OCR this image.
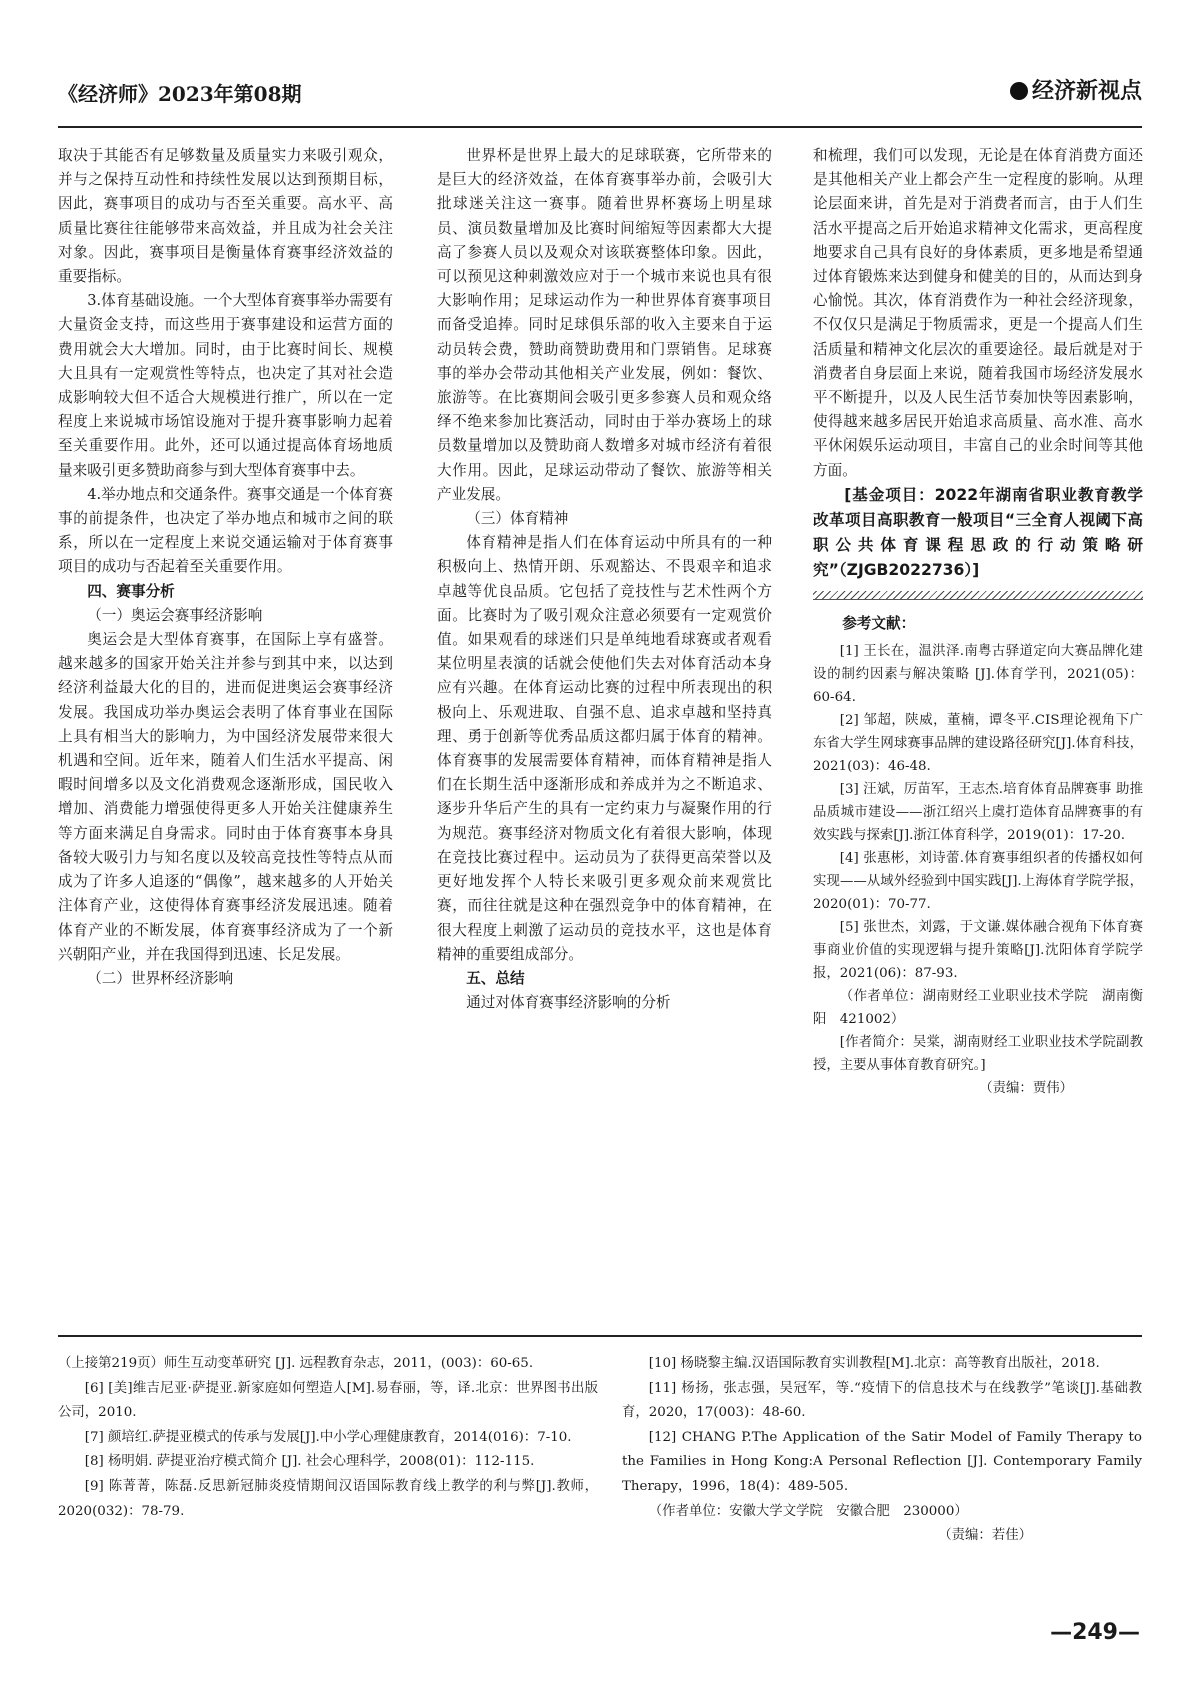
《经济师》2023年第08期	经济新视点

取决于其能否有足够数量及质量实力来吸引观众，并与之保持互动性和持续性发展以达到预期目标，因此，赛事项目的成功与否至关重要。高水平、高质量比赛往往能够带来高效益，并且成为社会关注对象。因此，赛事项目是衡量体育赛事经济效益的重要指标。

3.体育基础设施。一个大型体育赛事举办需要有大量资金支持，而这些用于赛事建设和运营方面的费用就会大大增加。同时，由于比赛时间长、规模大且具有一定观赏性等特点，也决定了其对社会造成影响较大但不适合大规模进行推广，所以在一定程度上来说城市场馆设施对于提升赛事影响力起着至关重要作用。此外，还可以通过提高体育场地质量来吸引更多赞助商参与到大型体育赛事中去。

4.举办地点和交通条件。赛事交通是一个体育赛事的前提条件，也决定了举办地点和城市之间的联系，所以在一定程度上来说交通运输对于体育赛事项目的成功与否起着至关重要作用。

四、赛事分析
（一）奥运会赛事经济影响

奥运会是大型体育赛事，在国际上享有盛誉。越来越多的国家开始关注并参与到其中来，以达到经济利益最大化的目的，进而促进奥运会赛事经济发展。我国成功举办奥运会表明了体育事业在国际上具有相当大的影响力，为中国经济发展带来很大机遇和空间。近年来，随着人们生活水平提高、闲暇时间增多以及文化消费观念逐渐形成，国民收入增加、消费能力增强使得更多人开始关注健康养生等方面来满足自身需求。同时由于体育赛事本身具备较大吸引力与知名度以及较高竞技性等特点从而成为了许多人追逐的“偶像”，越来越多的人开始关注体育产业，这使得体育赛事经济发展迅速。随着体育产业的不断发展，体育赛事经济成为了一个新兴朝阳产业，并在我国得到迅速、长足发展。

（二）世界杯经济影响

世界杯是世界上最大的足球联赛，它所带来的是巨大的经济效益，在体育赛事举办前，会吸引大批球迷关注这一赛事。随着世界杯赛场上明星球员、演员数量增加及比赛时间缩短等因素都大大提高了参赛人员以及观众对该联赛整体印象。因此，可以预见这种刺激效应对于一个城市来说也具有很大影响作用；足球运动作为一种世界体育赛事项目而备受追捧。同时足球俱乐部的收入主要来自于运动员转会费，赞助商赞助费用和门票销售。足球赛事的举办会带动其他相关产业发展，例如：餐饮、旅游等。在比赛期间会吸引更多参赛人员和观众络绎不绝来参加比赛活动，同时由于举办赛场上的球员数量增加以及赞助商人数增多对城市经济有着很大作用。因此，足球运动带动了餐饮、旅游等相关产业发展。

（三）体育精神

体育精神是指人们在体育运动中所具有的一种积极向上、热情开朗、乐观豁达、不畏艰辛和追求卓越等优良品质。它包括了竞技性与艺术性两个方面。比赛时为了吸引观众注意必须要有一定观赏价值。如果观看的球迷们只是单纯地看球赛或者观看某位明星表演的话就会使他们失去对体育活动本身应有兴趣。在体育运动比赛的过程中所表现出的积极向上、乐观进取、自强不息、追求卓越和坚持真理、勇于创新等优秀品质这都归属于体育的精神。体育赛事的发展需要体育精神，而体育精神是指人们在长期生活中逐渐形成和养成并为之不断追求、逐步升华后产生的具有一定约束力与凝聚作用的行为规范。赛事经济对物质文化有着很大影响，体现在竞技比赛过程中。运动员为了获得更高荣誉以及更好地发挥个人特长来吸引更多观众前来观赏比赛，而往往就是这种在强烈竞争中的体育精神，在很大程度上刺激了运动员的竞技水平，这也是体育精神的重要组成部分。

五、总结

通过对体育赛事经济影响的分析

和梳理，我们可以发现，无论是在体育消费方面还是其他相关产业上都会产生一定程度的影响。从理论层面来讲，首先是对于消费者而言，由于人们生活水平提高之后开始追求精神文化需求，更高程度地要求自己具有良好的身体素质，更多地是希望通过体育锻炼来达到健身和健美的目的，从而达到身心愉悦。其次，体育消费作为一种社会经济现象，不仅仅只是满足于物质需求，更是一个提高人们生活质量和精神文化层次的重要途径。最后就是对于消费者自身层面上来说，随着我国市场经济发展水平不断提升，以及人民生活节奏加快等因素影响，使得越来越多居民开始追求高质量、高水准、高水平休闲娱乐运动项目，丰富自己的业余时间等其他方面。

[基金项目：2022年湖南省职业教育教学改革项目高职教育一般项目“三全育人视阈下高职公共体育课程思政的行动策略研究”（ZJGB2022736）]

参考文献：

[1] 王长在，温洪泽.南粤古驿道定向大赛品牌化建设的制约因素与解决策略 [J].体育学刊，2021(05)：60-64.

[2] 邹超，陕威，董楠，谭冬平.CIS理论视角下广东省大学生网球赛事品牌的建设路径研究[J].体育科技，2021(03)：46-48.

[3] 汪斌，厉苗军，王志杰.培育体育品牌赛事 助推品质城市建设——浙江绍兴上虞打造体育品牌赛事的有效实践与探索[J].浙江体育科学，2019(01)：17-20.

[4] 张惠彬，刘诗蕾.体育赛事组织者的传播权如何实现——从域外经验到中国实践[J].上海体育学院学报，2020(01)：70-77.

[5] 张世杰，刘露，于文谦.媒体融合视角下体育赛事商业价值的实现逻辑与提升策略[J].沈阳体育学院学报，2021(06)：87-93.

（作者单位：湖南财经工业职业技术学院　湖南衡阳　421002）

[作者简介：吴棠，湖南财经工业职业技术学院副教授，主要从事体育教育研究。]

（责编：贾伟）

（上接第219页）师生互动变革研究 [J]. 远程教育杂志，2011，(003)：60-65.

[6] [美]维吉尼亚·萨提亚.新家庭如何塑造人[M].易春丽，等，译.北京：世界图书出版公司，2010.

[7] 颜培红.萨提亚模式的传承与发展[J].中小学心理健康教育，2014(016)：7-10.

[8] 杨明娟. 萨提亚治疗模式简介 [J]. 社会心理科学，2008(01)：112-115.

[9] 陈菁菁，陈磊.反思新冠肺炎疫情期间汉语国际教育线上教学的利与弊[J].教师，2020(032)：78-79.

[10] 杨晓黎主编.汉语国际教育实训教程[M].北京：高等教育出版社，2018.

[11] 杨扬，张志强，吴冠军，等.“疫情下的信息技术与在线教学”笔谈[J].基础教育，2020，17(003)：48-60.

[12] CHANG P.The Application of the Satir Model of Family Therapy to the Families in Hong Kong:A Personal Reflection [J]. Contemporary Family Therapy，1996，18(4)：489-505.

（作者单位：安徽大学文学院　安徽合肥　230000）

（责编：若佳）

—249—
